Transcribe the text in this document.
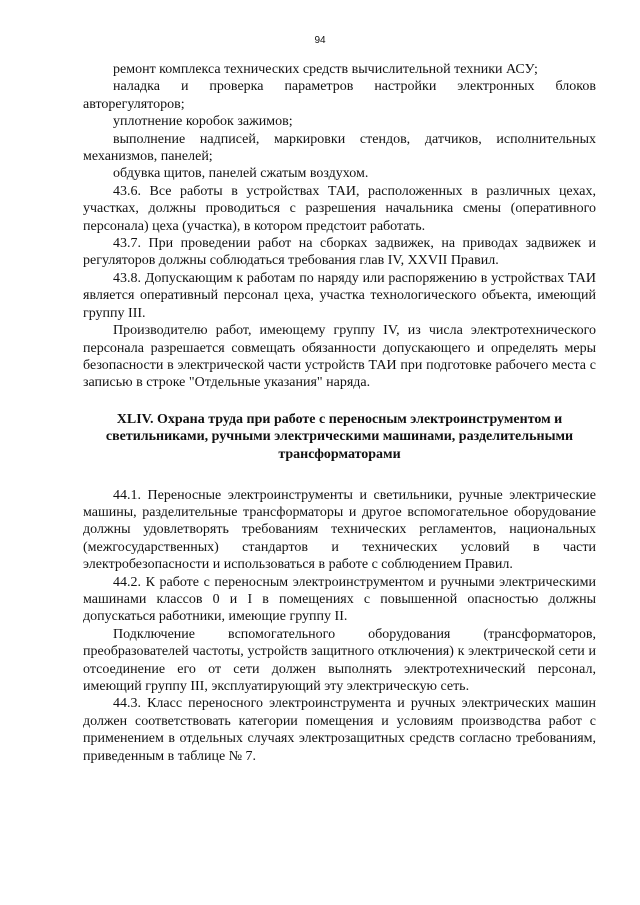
94

ремонт комплекса технических средств вычислительной техники АСУ;

наладка и проверка параметров настройки электронных блоков авторегуляторов;

уплотнение коробок зажимов;

выполнение надписей, маркировки стендов, датчиков, исполнительных механизмов, панелей;

обдувка щитов, панелей сжатым воздухом.

43.6. Все работы в устройствах ТАИ, расположенных в различных цехах, участках, должны проводиться с разрешения начальника смены (оперативного персонала) цеха (участка), в котором предстоит работать.

43.7. При проведении работ на сборках задвижек, на приводах задвижек и регуляторов должны соблюдаться требования глав IV, XXVII Правил.

43.8. Допускающим к работам по наряду или распоряжению в устройствах ТАИ является оперативный персонал цеха, участка технологического объекта, имеющий группу III.

Производителю работ, имеющему группу IV, из числа электротехнического персонала разрешается совмещать обязанности допускающего и определять меры безопасности в электрической части устройств ТАИ при подготовке рабочего места с записью в строке "Отдельные указания" наряда.

XLIV. Охрана труда при работе с переносным электроинструментом и светильниками, ручными электрическими машинами, разделительными трансформаторами

44.1. Переносные электроинструменты и светильники, ручные электрические машины, разделительные трансформаторы и другое вспомогательное оборудование должны удовлетворять требованиям технических регламентов, национальных (межгосударственных) стандартов и технических условий в части электробезопасности и использоваться в работе с соблюдением Правил.

44.2. К работе с переносным электроинструментом и ручными электрическими машинами классов 0 и I в помещениях с повышенной опасностью должны допускаться работники, имеющие группу II.

Подключение вспомогательного оборудования (трансформаторов, преобразователей частоты, устройств защитного отключения) к электрической сети и отсоединение его от сети должен выполнять электротехнический персонал, имеющий группу III, эксплуатирующий эту электрическую сеть.

44.3. Класс переносного электроинструмента и ручных электрических машин должен соответствовать категории помещения и условиям производства работ с применением в отдельных случаях электрозащитных средств согласно требованиям, приведенным в таблице № 7.
